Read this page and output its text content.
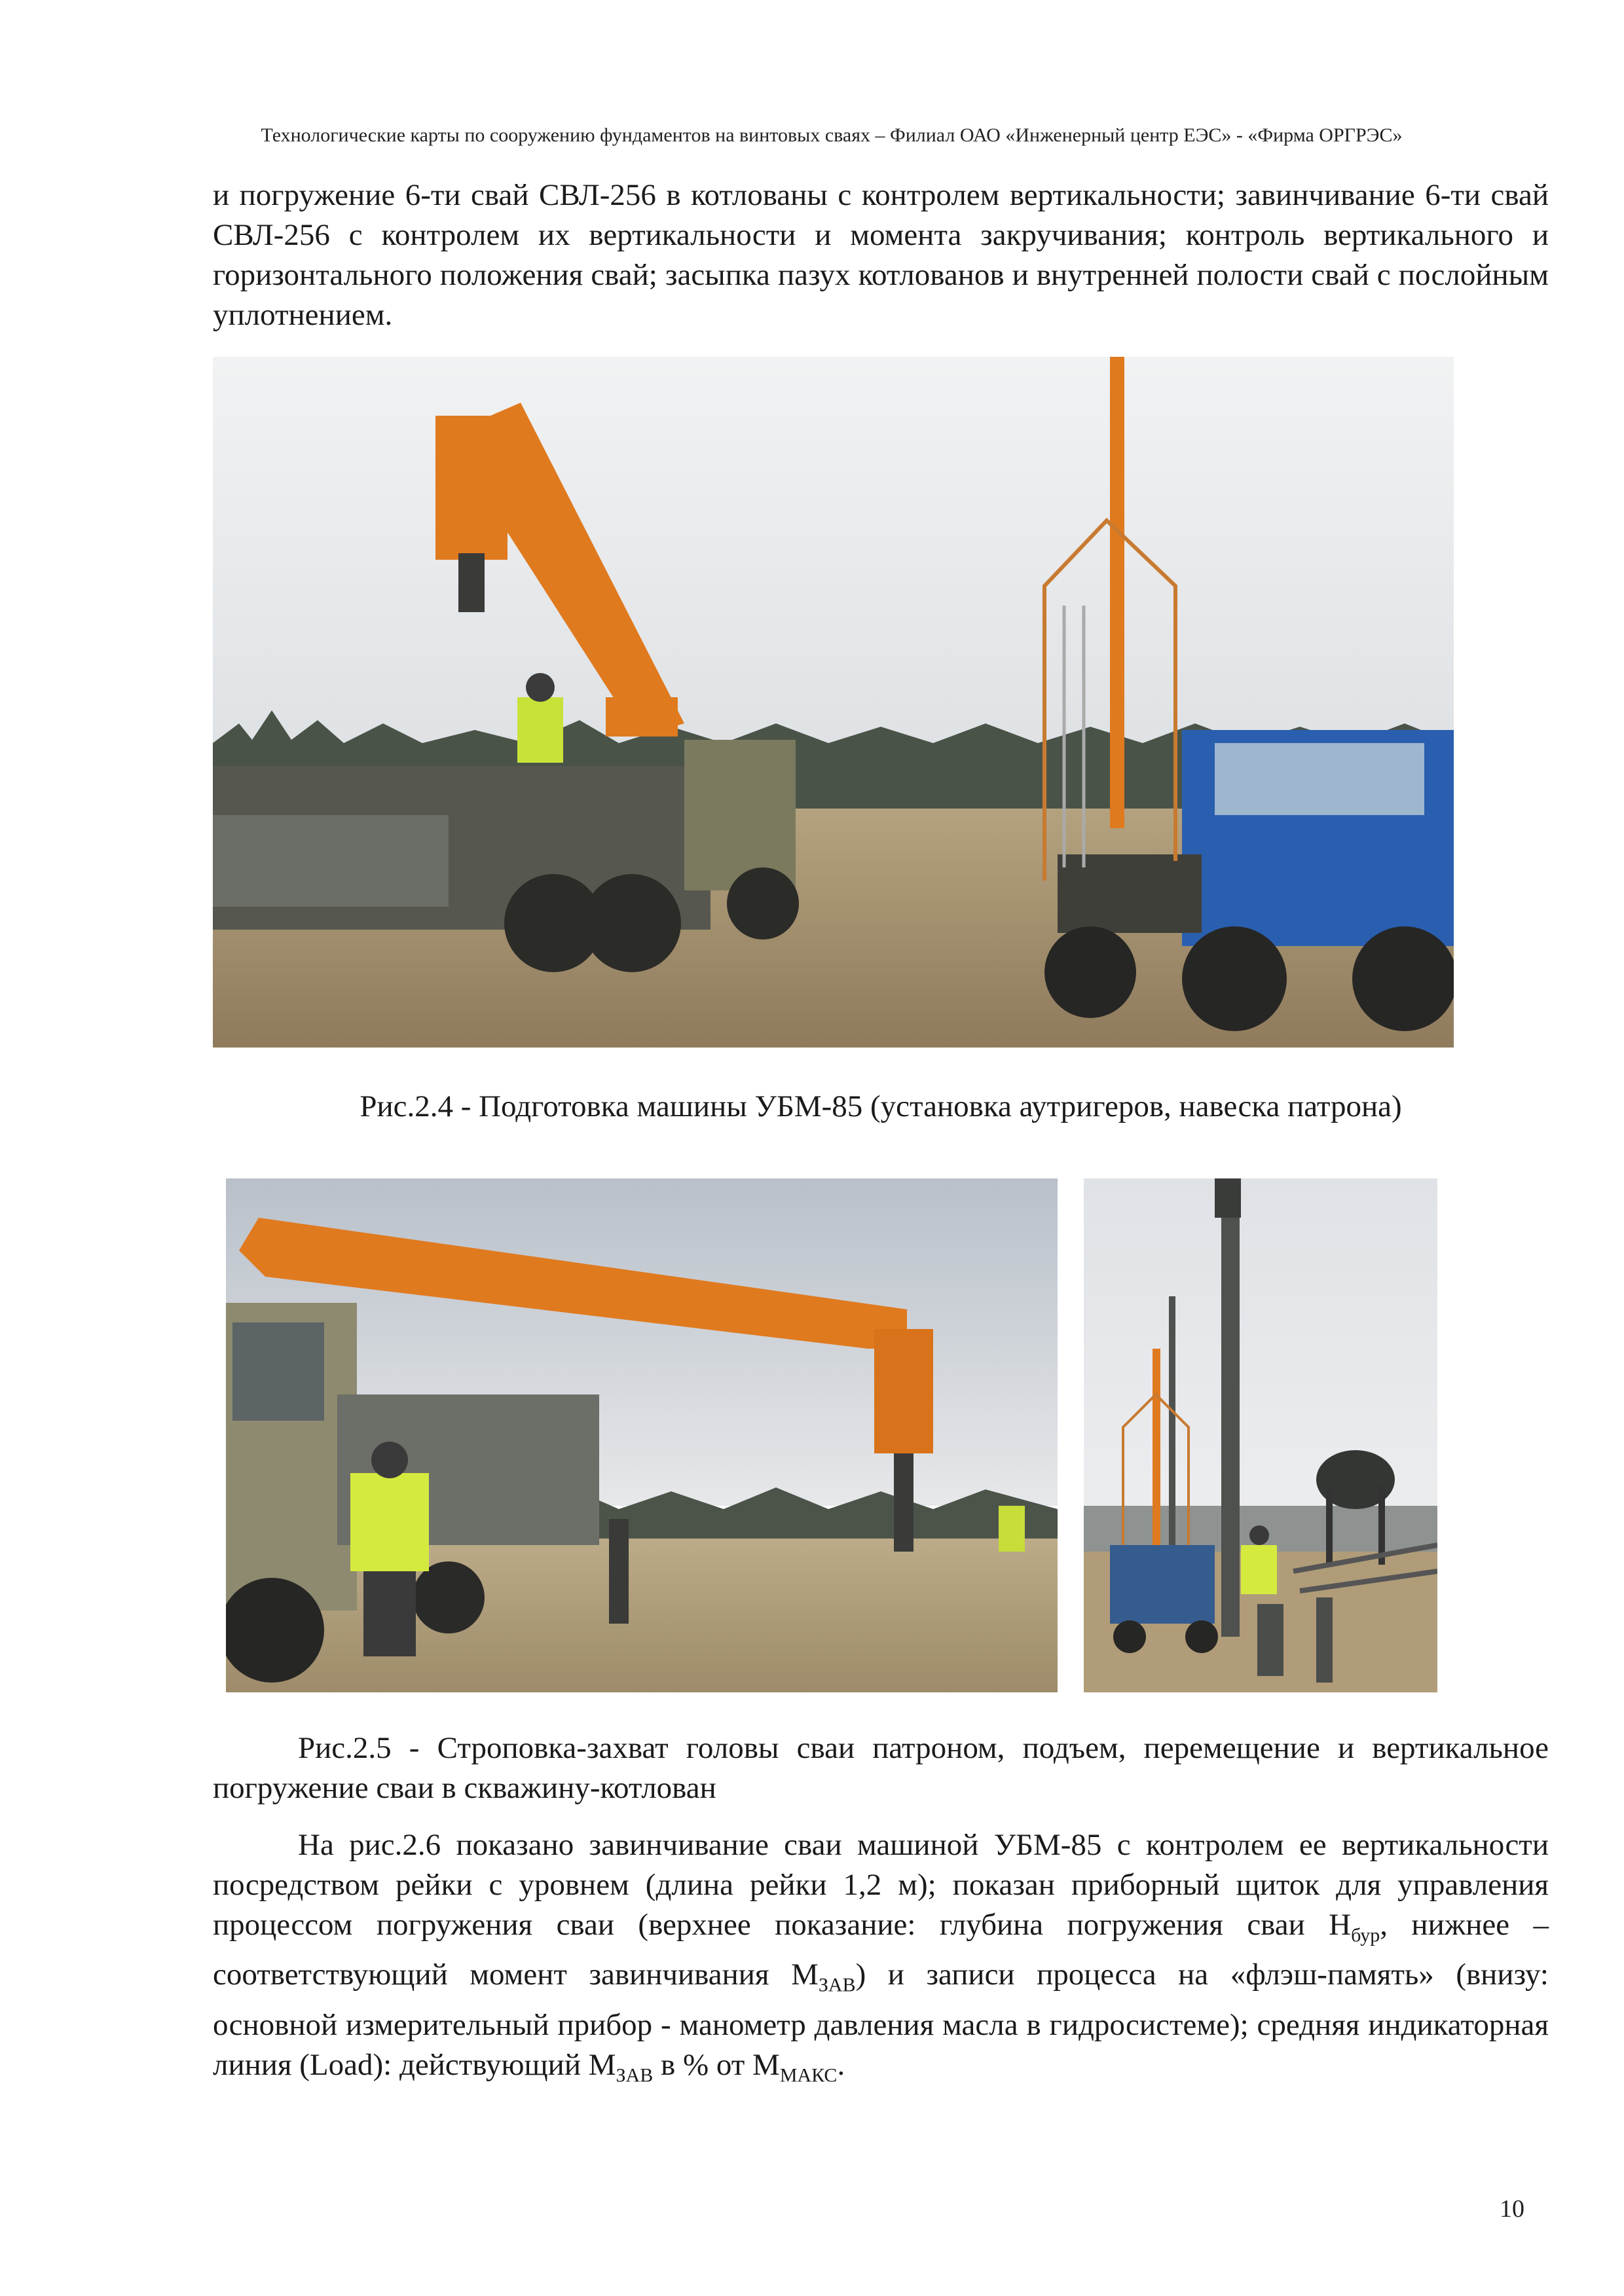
Технологические карты по сооружению фундаментов на винтовых сваях – Филиал ОАО «Инженерный центр ЕЭС» - «Фирма ОРГРЭС»
и погружение 6-ти свай СВЛ-256 в котлованы с контролем вертикальности; завинчивание 6-ти свай СВЛ-256 с контролем их вертикальности и момента закручивания; контроль вертикального и горизонтального положения свай; засыпка пазух котлованов и внутренней полости свай с послойным уплотнением.
Рис.2.4 - Подготовка машины УБМ-85 (установка аутригеров, навеска патрона)
Рис.2.5 - Строповка-захват головы сваи патроном, подъем, перемещение и вертикальное погружение сваи в скважину-котлован
На рис.2.6 показано завинчивание сваи машиной УБМ-85 с контролем ее вертикальности посредством рейки с уровнем (длина рейки 1,2 м); показан приборный щиток для управления процессом погружения сваи (верхнее показание: глубина погружения сваи $H_{бур}$, нижнее – соответствующий момент завинчивания $M_{ЗАВ}$) и записи процесса на «флэш-память» (внизу: основной измерительный прибор - манометр давления масла в гидросистеме); средняя индикаторная линия (Load): действующий $M_{ЗАВ}$ в % от $M_{МАКС}$.
10
